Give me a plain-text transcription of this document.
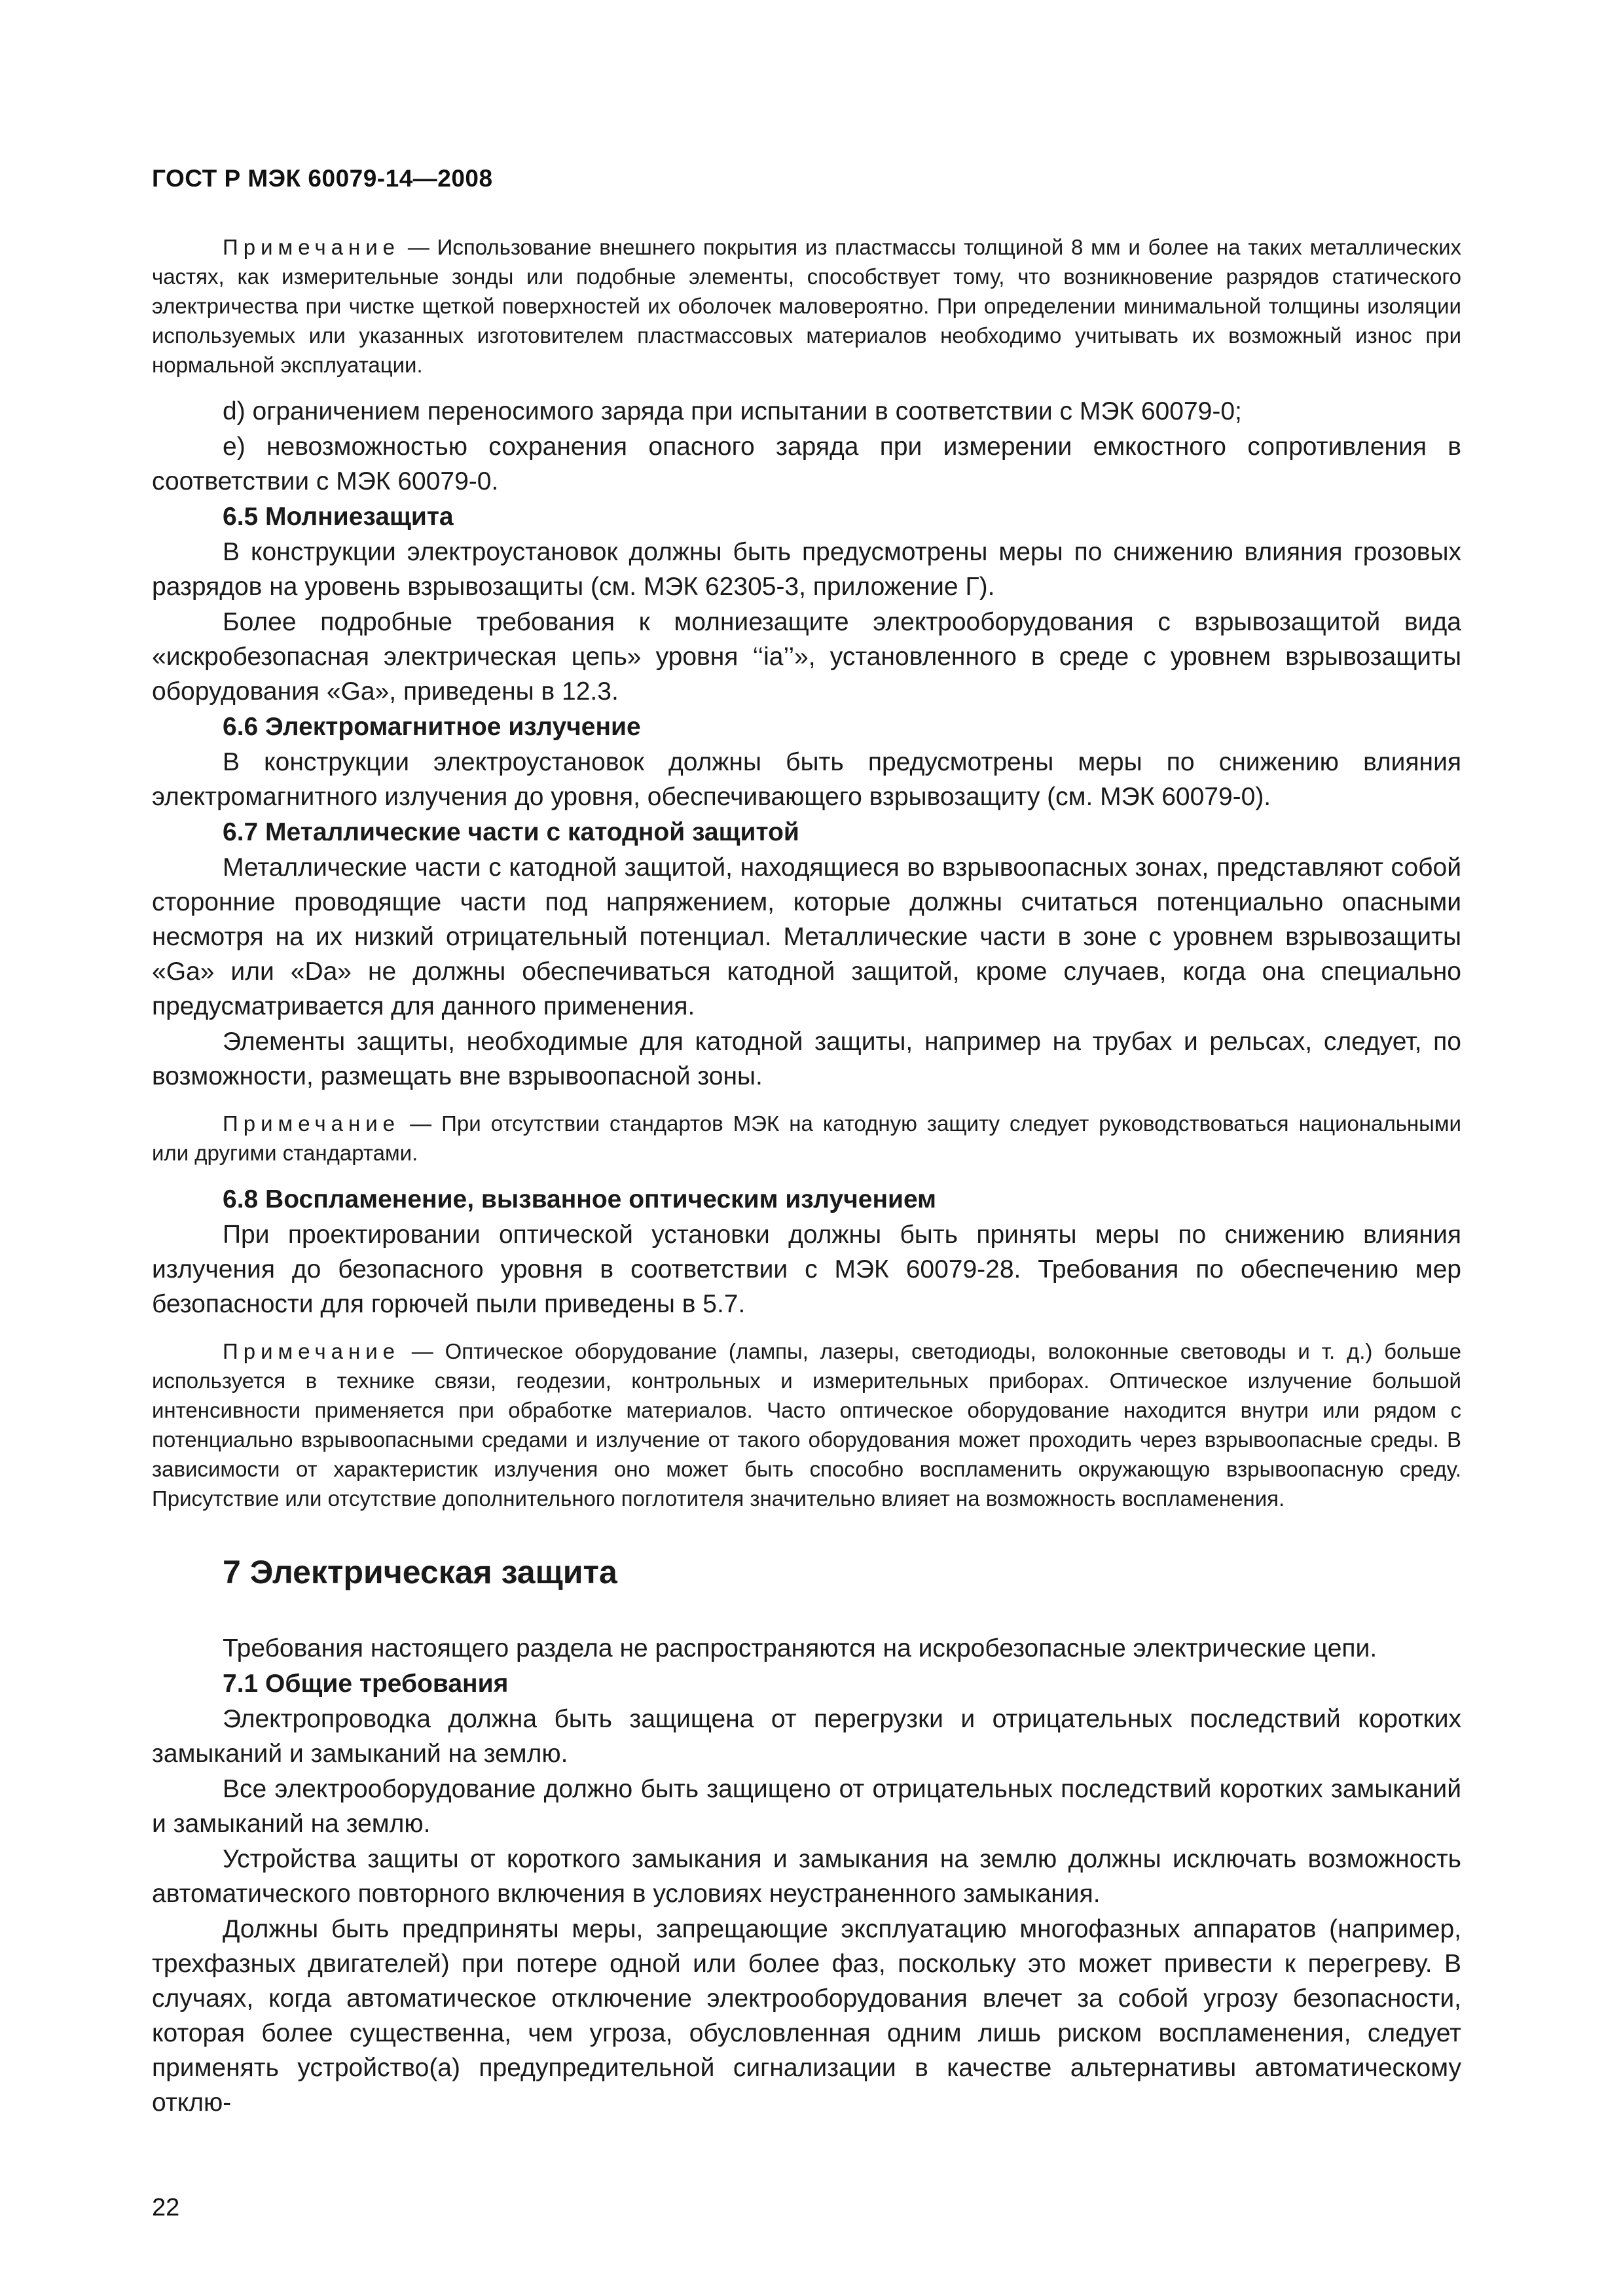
ГОСТ Р МЭК 60079-14—2008

Примечание — Использование внешнего покрытия из пластмассы толщиной 8 мм и более на таких металлических частях, как измерительные зонды или подобные элементы, способствует тому, что возникновение разрядов статического электричества при чистке щеткой поверхностей их оболочек маловероятно. При определении минимальной толщины изоляции используемых или указанных изготовителем пластмассовых материалов необходимо учитывать их возможный износ при нормальной эксплуатации.

d) ограничением переносимого заряда при испытании в соответствии с МЭК 60079-0;

е) невозможностью сохранения опасного заряда при измерении емкостного сопротивления в соответствии с МЭК 60079-0.

6.5 Молниезащита

В конструкции электроустановок должны быть предусмотрены меры по снижению влияния грозовых разрядов на уровень взрывозащиты (см. МЭК 62305-3, приложение Г).

Более подробные требования к молниезащите электрооборудования с взрывозащитой вида «искробезопасная электрическая цепь» уровня ‘‘ia’’», установленного в среде с уровнем взрывозащиты оборудования «Ga», приведены в 12.3.

6.6 Электромагнитное излучение

В конструкции электроустановок должны быть предусмотрены меры по снижению влияния электромагнитного излучения до уровня, обеспечивающего взрывозащиту (см. МЭК 60079-0).

6.7 Металлические части с катодной защитой

Металлические части с катодной защитой, находящиеся во взрывоопасных зонах, представляют собой сторонние проводящие части под напряжением, которые должны считаться потенциально опасными несмотря на их низкий отрицательный потенциал. Металлические части в зоне с уровнем взрывозащиты «Ga» или «Da» не должны обеспечиваться катодной защитой, кроме случаев, когда она специально предусматривается для данного применения.

Элементы защиты, необходимые для катодной защиты, например на трубах и рельсах, следует, по возможности, размещать вне взрывоопасной зоны.

Примечание — При отсутствии стандартов МЭК на катодную защиту следует руководствоваться национальными или другими стандартами.

6.8 Воспламенение, вызванное оптическим излучением

При проектировании оптической установки должны быть приняты меры по снижению влияния излучения до безопасного уровня в соответствии с МЭК 60079-28. Требования по обеспечению мер безопасности для горючей пыли приведены в 5.7.

Примечание — Оптическое оборудование (лампы, лазеры, светодиоды, волоконные световоды и т. д.) больше используется в технике связи, геодезии, контрольных и измерительных приборах. Оптическое излучение большой интенсивности применяется при обработке материалов. Часто оптическое оборудование находится внутри или рядом с потенциально взрывоопасными средами и излучение от такого оборудования может проходить через взрывоопасные среды. В зависимости от характеристик излучения оно может быть способно воспламенить окружающую взрывоопасную среду. Присутствие или отсутствие дополнительного поглотителя значительно влияет на возможность воспламенения.

7 Электрическая защита

Требования настоящего раздела не распространяются на искробезопасные электрические цепи.

7.1 Общие требования

Электропроводка должна быть защищена от перегрузки и отрицательных последствий коротких замыканий и замыканий на землю.

Все электрооборудование должно быть защищено от отрицательных последствий коротких замыканий и замыканий на землю.

Устройства защиты от короткого замыкания и замыкания на землю должны исключать возможность автоматического повторного включения в условиях неустраненного замыкания.

Должны быть предприняты меры, запрещающие эксплуатацию многофазных аппаратов (например, трехфазных двигателей) при потере одной или более фаз, поскольку это может привести к перегреву. В случаях, когда автоматическое отключение электрооборудования влечет за собой угрозу безопасности, которая более существенна, чем угроза, обусловленная одним лишь риском воспламенения, следует применять устройство(а) предупредительной сигнализации в качестве альтернативы автоматическому отклю-

22
